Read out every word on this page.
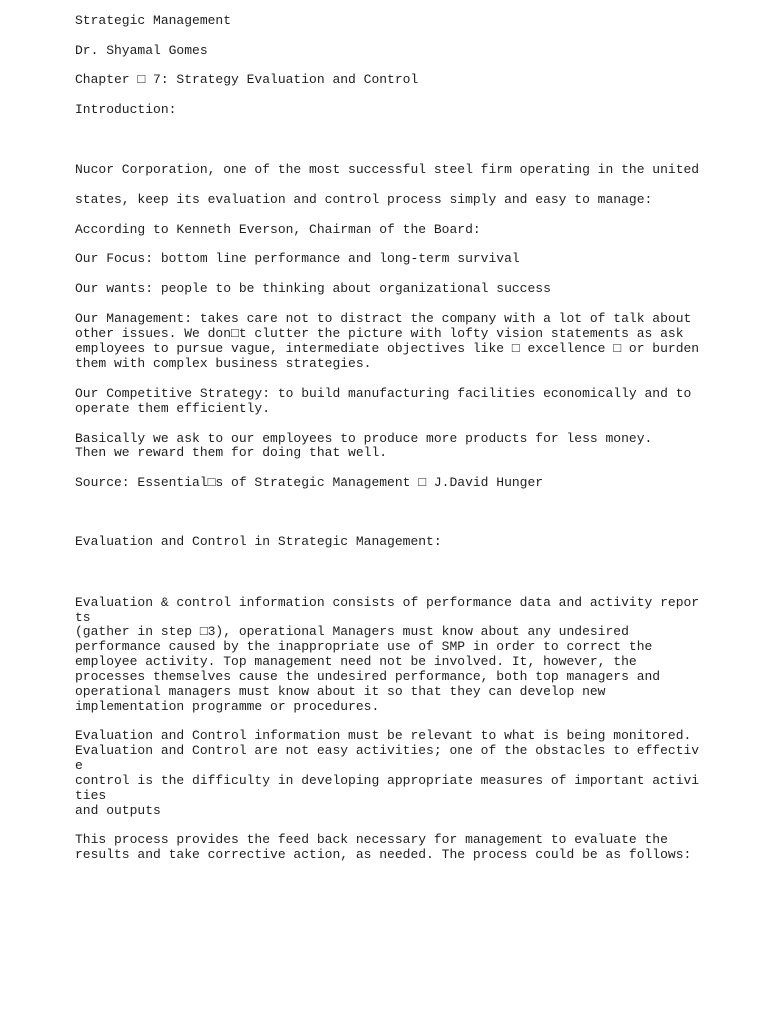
Strategic Management

Dr. Shyamal Gomes

Chapter □ 7: Strategy Evaluation and Control

Introduction:

Nucor Corporation, one of the most successful steel firm operating in the united

states, keep its evaluation and control process simply and easy to manage:

According to Kenneth Everson, Chairman of the Board:

Our Focus: bottom line performance and long-term survival

Our wants: people to be thinking about organizational success

Our Management: takes care not to distract the company with a lot of talk about

other issues. We don□t clutter the picture with lofty vision statements as ask

employees to pursue vague, intermediate objectives like □ excellence □ or burden

them with complex business strategies.

Our Competitive Strategy: to build manufacturing facilities economically and to

operate them efficiently.

Basically we ask to our employees to produce more products for less money.

Then we reward them for doing that well.

Source: Essential□s of Strategic Management □ J.David Hunger

Evaluation and Control in Strategic Management:

Evaluation & control information consists of performance data and activity repor

ts

(gather in step □3), operational Managers must know about any undesired

performance caused by the inappropriate use of SMP in order to correct the

employee activity. Top management need not be involved. It, however, the

processes themselves cause the undesired performance, both top managers and

operational managers must know about it so that they can develop new

implementation programme or procedures.

Evaluation and Control information must be relevant to what is being monitored.

Evaluation and Control are not easy activities; one of the obstacles to effectiv

e

control is the difficulty in developing appropriate measures of important activi

ties

and outputs

This process provides the feed back necessary for management to evaluate the

results and take corrective action, as needed. The process could be as follows:
